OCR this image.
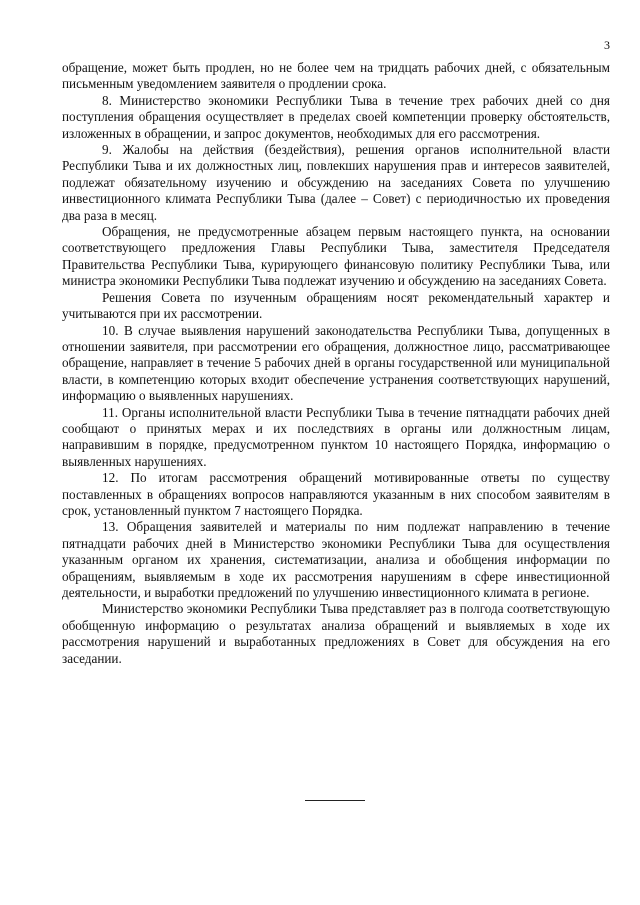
3

обращение, может быть продлен, но не более чем на тридцать рабочих дней, с обязательным письменным уведомлением заявителя о продлении срока.

8. Министерство экономики Республики Тыва в течение трех рабочих дней со дня поступления обращения осуществляет в пределах своей компетенции проверку обстоятельств, изложенных в обращении, и запрос документов, необходимых для его рассмотрения.

9. Жалобы на действия (бездействия), решения органов исполнительной власти Республики Тыва и их должностных лиц, повлекших нарушения прав и интересов заявителей, подлежат обязательному изучению и обсуждению на заседаниях Совета по улучшению инвестиционного климата Республики Тыва (далее – Совет) с периодичностью их проведения два раза в месяц.

Обращения, не предусмотренные абзацем первым настоящего пункта, на основании соответствующего предложения Главы Республики Тыва, заместителя Председателя Правительства Республики Тыва, курирующего финансовую политику Республики Тыва, или министра экономики Республики Тыва подлежат изучению и обсуждению на заседаниях Совета.

Решения Совета по изученным обращениям носят рекомендательный характер и учитываются при их рассмотрении.

10. В случае выявления нарушений законодательства Республики Тыва, допущенных в отношении заявителя, при рассмотрении его обращения, должностное лицо, рассматривающее обращение, направляет в течение 5 рабочих дней в органы государственной или муниципальной власти, в компетенцию которых входит обеспечение устранения соответствующих нарушений, информацию о выявленных нарушениях.

11. Органы исполнительной власти Республики Тыва в течение пятнадцати рабочих дней сообщают о принятых мерах и их последствиях в органы или должностным лицам, направившим в порядке, предусмотренном пунктом 10 настоящего Порядка, информацию о выявленных нарушениях.

12. По итогам рассмотрения обращений мотивированные ответы по существу поставленных в обращениях вопросов направляются указанным в них способом заявителям в срок, установленный пунктом 7 настоящего Порядка.

13. Обращения заявителей и материалы по ним подлежат направлению в течение пятнадцати рабочих дней в Министерство экономики Республики Тыва для осуществления указанным органом их хранения, систематизации, анализа и обобщения информации по обращениям, выявляемым в ходе их рассмотрения нарушениям в сфере инвестиционной деятельности, и выработки предложений по улучшению инвестиционного климата в регионе.

Министерство экономики Республики Тыва представляет раз в полгода соответствующую обобщенную информацию о результатах анализа обращений и выявляемых в ходе их рассмотрения нарушений и выработанных предложениях в Совет для обсуждения на его заседании.
